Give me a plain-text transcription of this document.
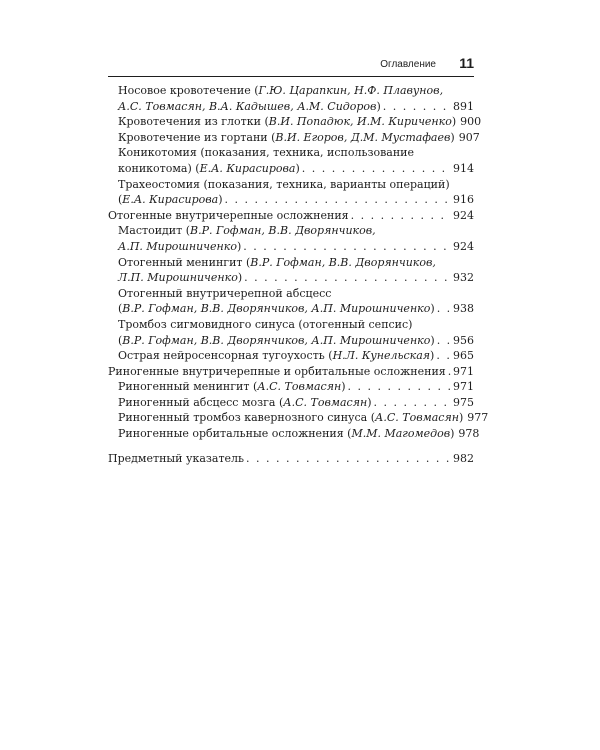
Оглавление 11
Носовое кровотечение (Г.Ю. Царапкин, Н.Ф. Плавунов,
А.С. Товмасян, В.А. Кадышев, А.М. Сидоров) . . .	891
Кровотечения из глотки (В.И. Попадюк, И.М. Кириченко) 900
Кровотечение из гортани (В.И. Егоров, Д.М. Мустафаев) 907
Коникотомия (показания, техника, использование
коникотома) (Е.А. Кирасирова) . . .	914
Трахеостомия (показания, техника, варианты операций)
(Е.А. Кирасирова) . . .	916
Отогенные внутричерепные осложнения . . .	924
Мастоидит (В.Р. Гофман, В.В. Дворянчиков,
А.П. Мирошниченко) . . .	924
Отогенный менингит (В.Р. Гофман, В.В. Дворянчиков,
Л.П. Мирошниченко) . . .	932
Отогенный внутричерепной абсцесс
(В.Р. Гофман, В.В. Дворянчиков, А.П. Мирошниченко) . . . 938
Тромбоз сигмовидного синуса (отогенный сепсис)
(В.Р. Гофман, В.В. Дворянчиков, А.П. Мирошниченко) . . . 956
Острая нейросенсорная тугоухость (Н.Л. Кунельская) . . . 965
Риногенные внутричерепные и орбитальные осложнения . . . 971
Риногенный менингит (А.С. Товмасян) . . .	971
Риногенный абсцесс мозга (А.С. Товмасян) . . .	975
Риногенный тромбоз кавернозного синуса (А.С. Товмасян) 977
Риногенные орбитальные осложнения (М.М. Магомедов) 978
Предметный указатель . . .	982
